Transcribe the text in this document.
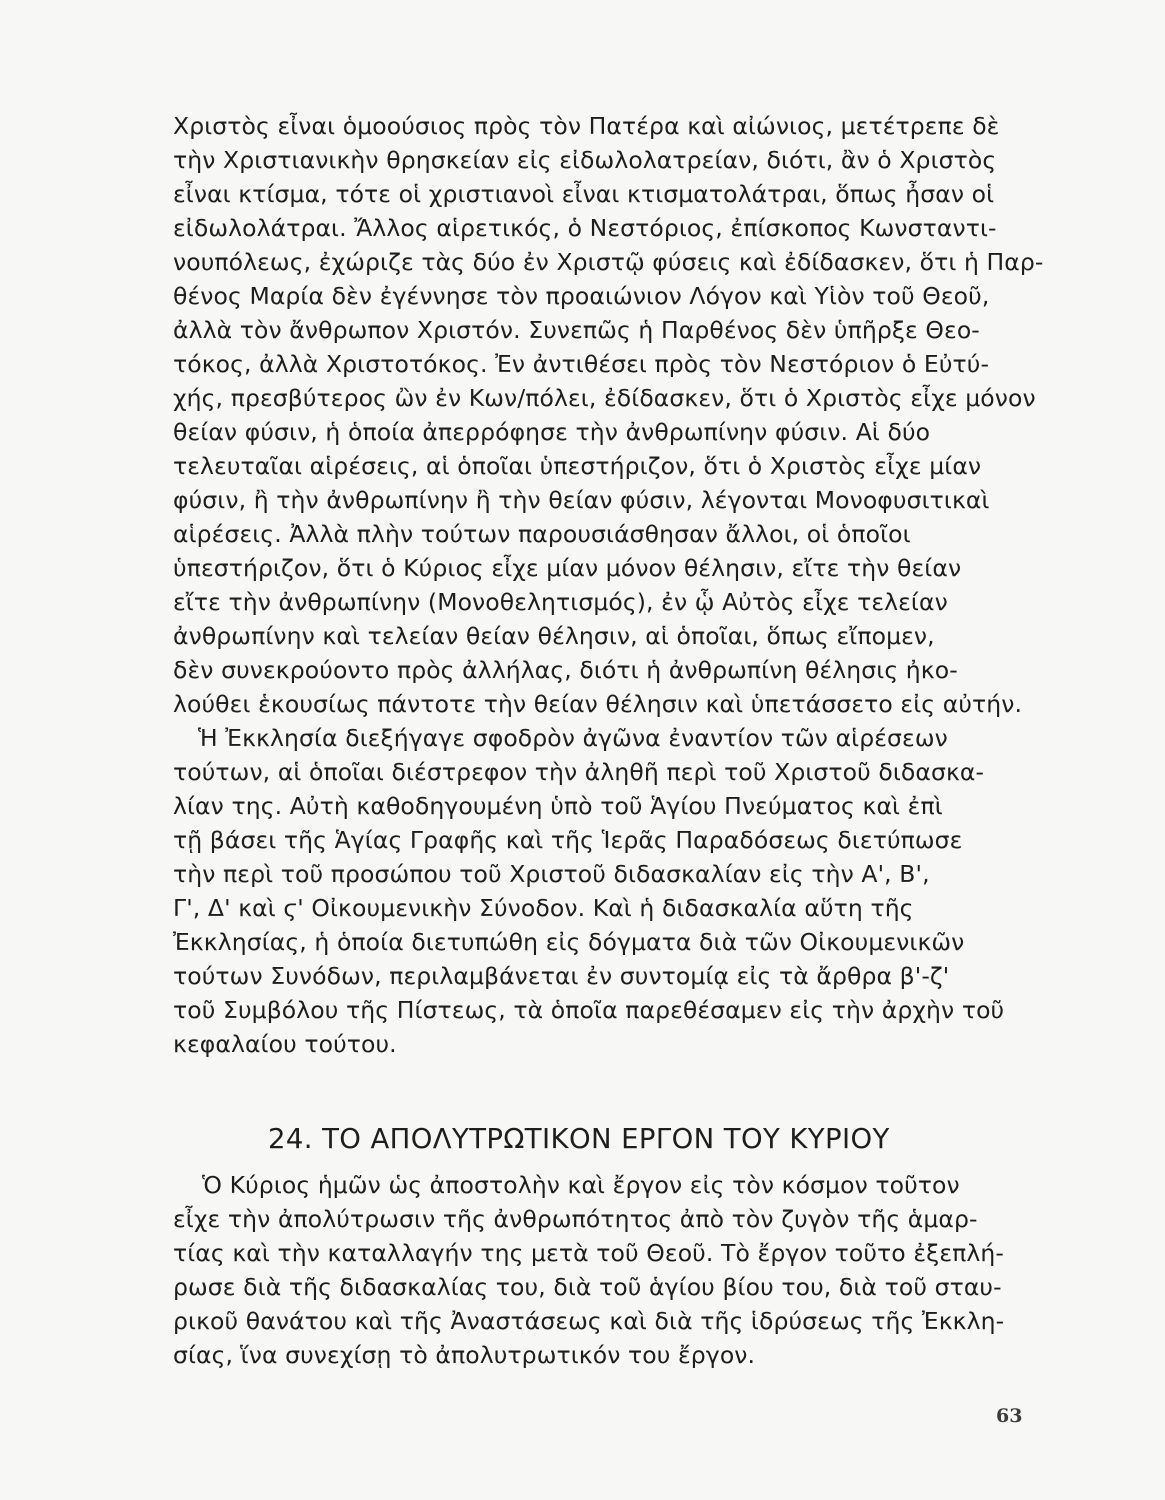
Χριστὸς εἶναι ὁμοούσιος πρὸς τὸν Πατέρα καὶ αἰώνιος, μετέτρεπε δὲ
τὴν Χριστιανικὴν θρησκείαν εἰς εἰδωλολατρείαν, διότι, ἂν ὁ Χριστὸς
εἶναι κτίσμα, τότε οἱ χριστιανοὶ εἶναι κτισματολάτραι, ὅπως ἦσαν οἱ
εἰδωλολάτραι. Ἄλλος αἱρετικός, ὁ Νεστόριος, ἐπίσκοπος Κωνσταντι-
νουπόλεως, ἐχώριζε τὰς δύο ἐν Χριστῷ φύσεις καὶ ἐδίδασκεν, ὅτι ἡ Παρ-
θένος Μαρία δὲν ἐγέννησε τὸν προαιώνιον Λόγον καὶ Υἱὸν τοῦ Θεοῦ,
ἀλλὰ τὸν ἄνθρωπον Χριστόν. Συνεπῶς ἡ Παρθένος δὲν ὑπῆρξε Θεο-
τόκος, ἀλλὰ Χριστοτόκος. Ἐν ἀντιθέσει πρὸς τὸν Νεστόριον ὁ Εὐτύ-
χής, πρεσβύτερος ὢν ἐν Κων/πόλει, ἐδίδασκεν, ὅτι ὁ Χριστὸς εἶχε μόνον
θείαν φύσιν, ἡ ὁποία ἀπερρόφησε τὴν ἀνθρωπίνην φύσιν. Αἱ δύο
τελευταῖαι αἱρέσεις, αἱ ὁποῖαι ὑπεστήριζον, ὅτι ὁ Χριστὸς εἶχε μίαν
φύσιν, ἢ τὴν ἀνθρωπίνην ἢ τὴν θείαν φύσιν, λέγονται Μονοφυσιτικαὶ
αἱρέσεις. Ἀλλὰ πλὴν τούτων παρουσιάσθησαν ἄλλοι, οἱ ὁποῖοι
ὑπεστήριζον, ὅτι ὁ Κύριος εἶχε μίαν μόνον θέλησιν, εἴτε τὴν θείαν
εἴτε τὴν ἀνθρωπίνην (Μονοθελητισμός), ἐν ᾧ Αὐτὸς εἶχε τελείαν
ἀνθρωπίνην καὶ τελείαν θείαν θέλησιν, αἱ ὁποῖαι, ὅπως εἴπομεν,
δὲν συνεκρούοντο πρὸς ἀλλήλας, διότι ἡ ἀνθρωπίνη θέλησις ἠκο-
λούθει ἑκουσίως πάντοτε τὴν θείαν θέλησιν καὶ ὑπετάσσετο εἰς αὐτήν.
Ἡ Ἐκκλησία διεξήγαγε σφοδρὸν ἀγῶνα ἐναντίον τῶν αἱρέσεων
τούτων, αἱ ὁποῖαι διέστρεφον τὴν ἀληθῆ περὶ τοῦ Χριστοῦ διδασκα-
λίαν της. Αὐτὴ καθοδηγουμένη ὑπὸ τοῦ Ἁγίου Πνεύματος καὶ ἐπὶ
τῇ βάσει τῆς Ἁγίας Γραφῆς καὶ τῆς Ἱερᾶς Παραδόσεως διετύπωσε
τὴν περὶ τοῦ προσώπου τοῦ Χριστοῦ διδασκαλίαν εἰς τὴν Α', Β',
Γ', Δ' καὶ ϛ' Οἰκουμενικὴν Σύνοδον. Καὶ ἡ διδασκαλία αὕτη τῆς
Ἐκκλησίας, ἡ ὁποία διετυπώθη εἰς δόγματα διὰ τῶν Οἰκουμενικῶν
τούτων Συνόδων, περιλαμβάνεται ἐν συντομίᾳ εἰς τὰ ἄρθρα β'-ζ'
τοῦ Συμβόλου τῆς Πίστεως, τὰ ὁποῖα παρεθέσαμεν εἰς τὴν ἀρχὴν τοῦ
κεφαλαίου τούτου.
24. ΤΟ ΑΠΟΛΥΤΡΩΤΙΚΟΝ ΕΡΓΟΝ ΤΟΥ ΚΥΡΙΟΥ
Ὁ Κύριος ἡμῶν ὡς ἀποστολὴν καὶ ἔργον εἰς τὸν κόσμον τοῦτον
εἶχε τὴν ἀπολύτρωσιν τῆς ἀνθρωπότητος ἀπὸ τὸν ζυγὸν τῆς ἁμαρ-
τίας καὶ τὴν καταλλαγήν της μετὰ τοῦ Θεοῦ. Τὸ ἔργον τοῦτο ἐξεπλή-
ρωσε διὰ τῆς διδασκαλίας του, διὰ τοῦ ἁγίου βίου του, διὰ τοῦ σταυ-
ρικοῦ θανάτου καὶ τῆς Ἀναστάσεως καὶ διὰ τῆς ἱδρύσεως τῆς Ἐκκλη-
σίας, ἵνα συνεχίσῃ τὸ ἀπολυτρωτικόν του ἔργον.
63
